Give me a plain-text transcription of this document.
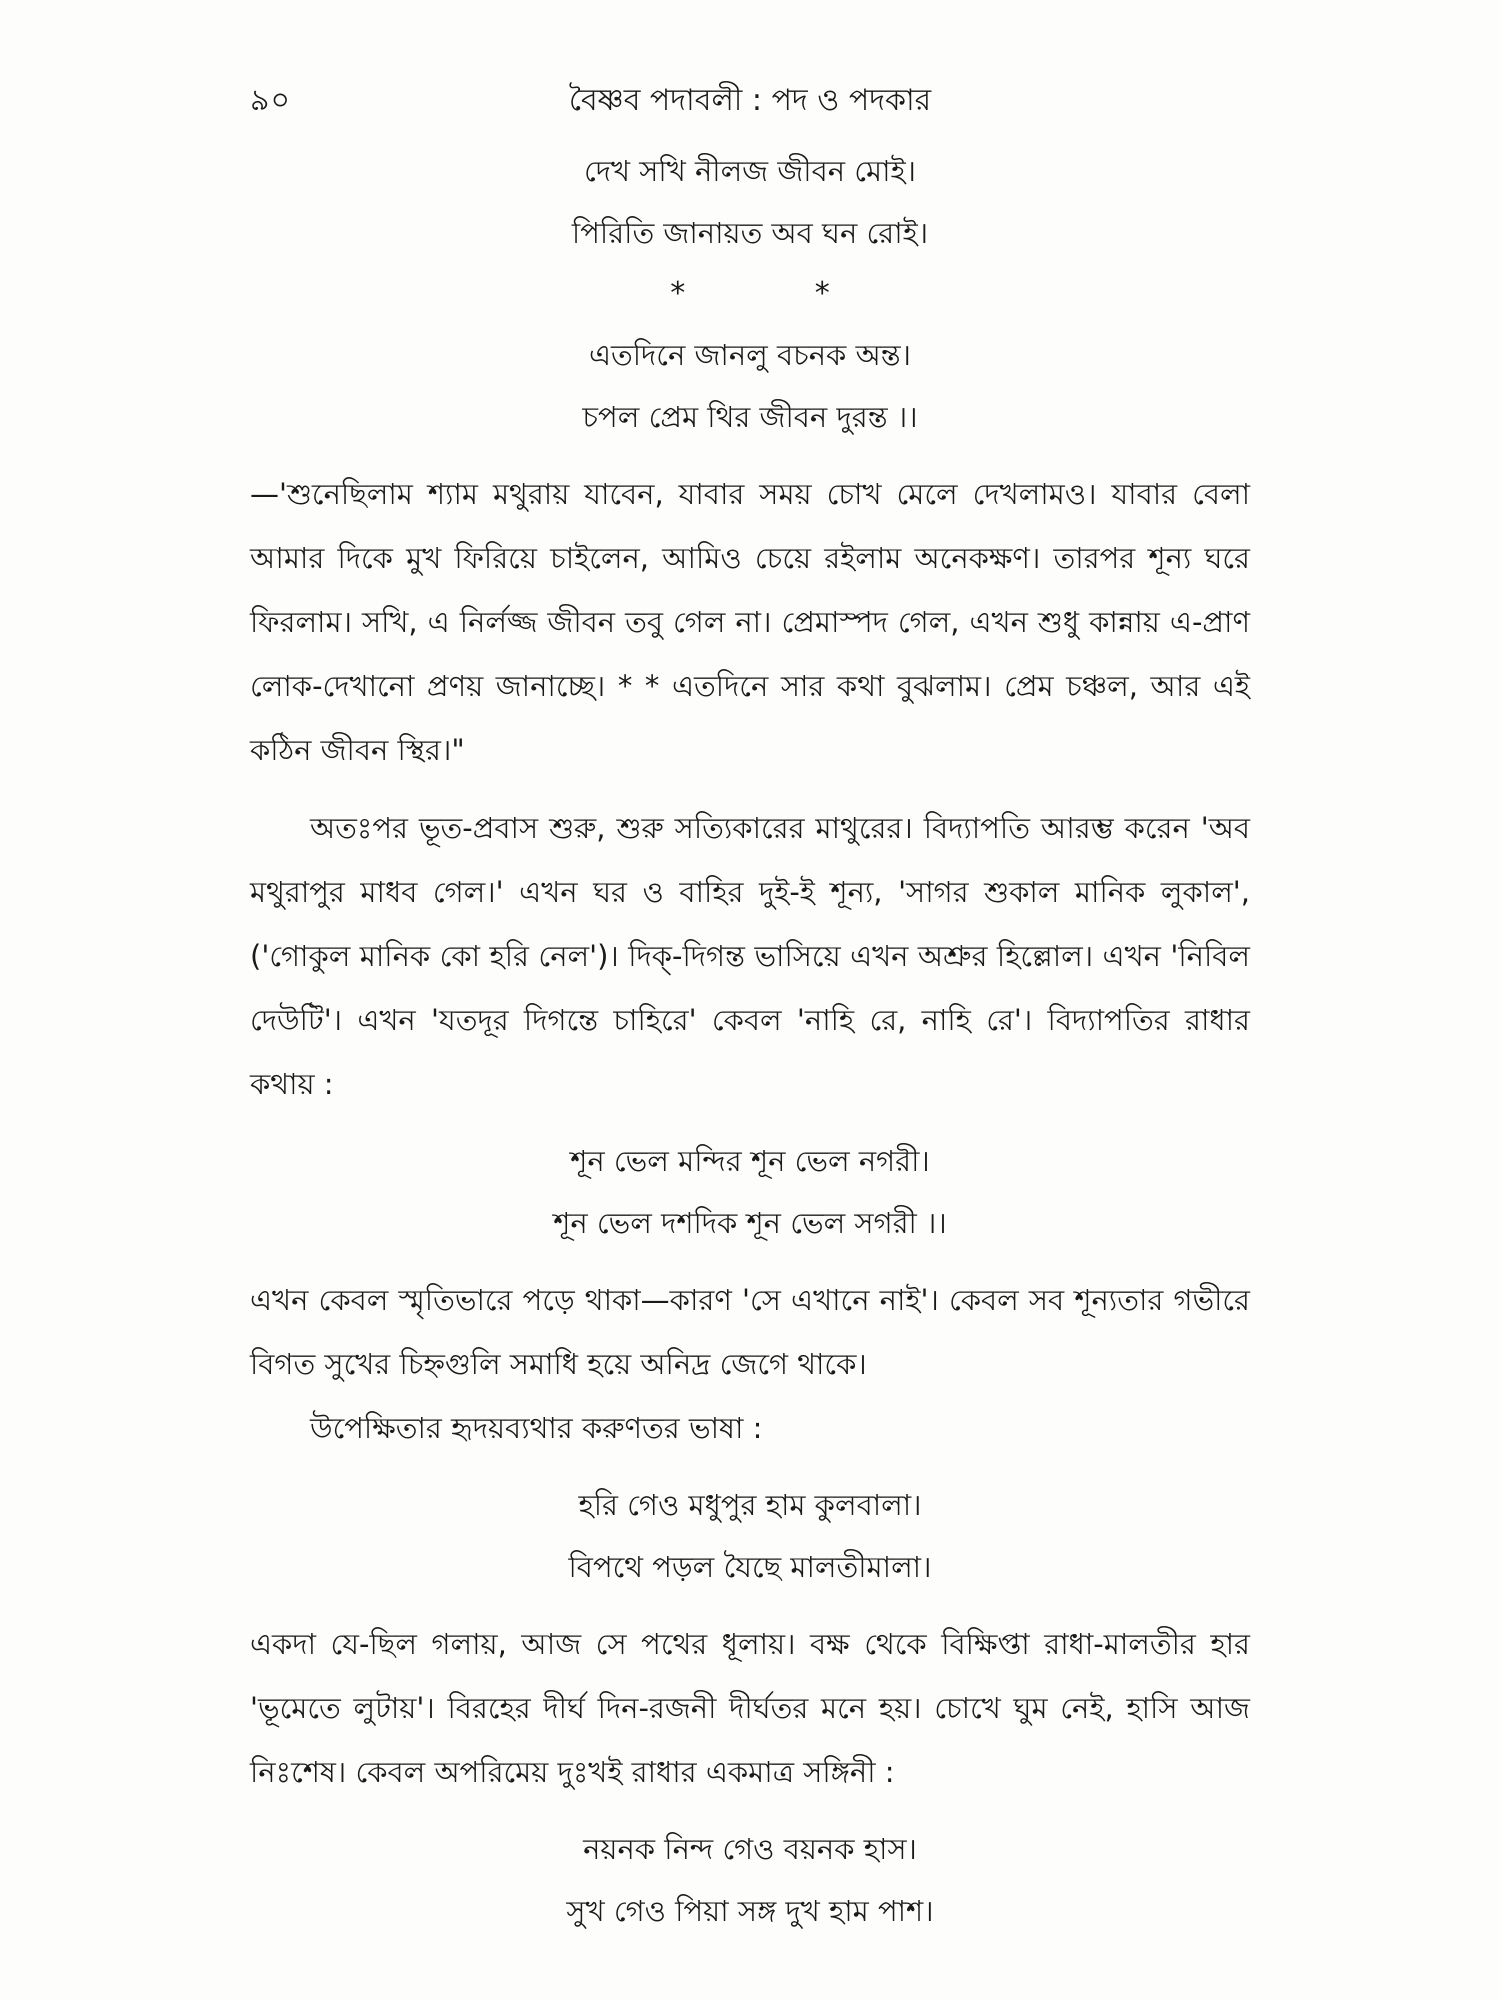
৯০	বৈষ্ণব পদাবলী : পদ ও পদকার
দেখ সখি নীলজ জীবন মোই।
পিরিতি জানায়ত অব ঘন রোই।
* *
এতদিনে জানলু বচনক অন্ত।
চপল প্রেম থির জীবন দুরন্ত ।।

—'শুনেছিলাম শ্যাম মথুরায় যাবেন, যাবার সময় চোখ মেলে দেখলামও। যাবার বেলা আমার দিকে মুখ ফিরিয়ে চাইলেন, আমিও চেয়ে রইলাম অনেকক্ষণ। তারপর শূন্য ঘরে ফিরলাম। সখি, এ নির্লজ্জ জীবন তবু গেল না। প্রেমাস্পদ গেল, এখন শুধু কান্নায় এ-প্রাণ লোক-দেখানো প্রণয় জানাচ্ছে। * * এতদিনে সার কথা বুঝলাম। প্রেম চঞ্চল, আর এই কঠিন জীবন স্থির।"

অতঃপর ভূত-প্রবাস শুরু, শুরু সত্যিকারের মাথুরের। বিদ্যাপতি আরম্ভ করেন 'অব মথুরাপুর মাধব গেল।' এখন ঘর ও বাহির দুই-ই শূন্য, 'সাগর শুকাল মানিক লুকাল', ('গোকুল মানিক কো হরি নেল')। দিক্-দিগন্ত ভাসিয়ে এখন অশ্রুর হিল্লোল। এখন 'নিবিল দেউটি'। এখন 'যতদূর দিগন্তে চাহিরে' কেবল 'নাহি রে, নাহি রে'। বিদ্যাপতির রাধার কথায় :

শূন ভেল মন্দির শূন ভেল নগরী।
শূন ভেল দশদিক শূন ভেল সগরী ।।

এখন কেবল স্মৃতিভারে পড়ে থাকা—কারণ 'সে এখানে নাই'। কেবল সব শূন্যতার গভীরে বিগত সুখের চিহ্নগুলি সমাধি হয়ে অনিদ্র জেগে থাকে।

উপেক্ষিতার হৃদয়ব্যথার করুণতর ভাষা :

হরি গেও মধুপুর হাম কুলবালা।
বিপথে পড়ল যৈছে মালতীমালা।

একদা যে-ছিল গলায়, আজ সে পথের ধূলায়। বক্ষ থেকে বিক্ষিপ্তা রাধা-মালতীর হার 'ভূমেতে লুটায়'। বিরহের দীর্ঘ দিন-রজনী দীর্ঘতর মনে হয়। চোখে ঘুম নেই, হাসি আজ নিঃশেষ। কেবল অপরিমেয় দুঃখই রাধার একমাত্র সঙ্গিনী :

নয়নক নিন্দ গেও বয়নক হাস।
সুখ গেও পিয়া সঙ্গ দুখ হাম পাশ।
